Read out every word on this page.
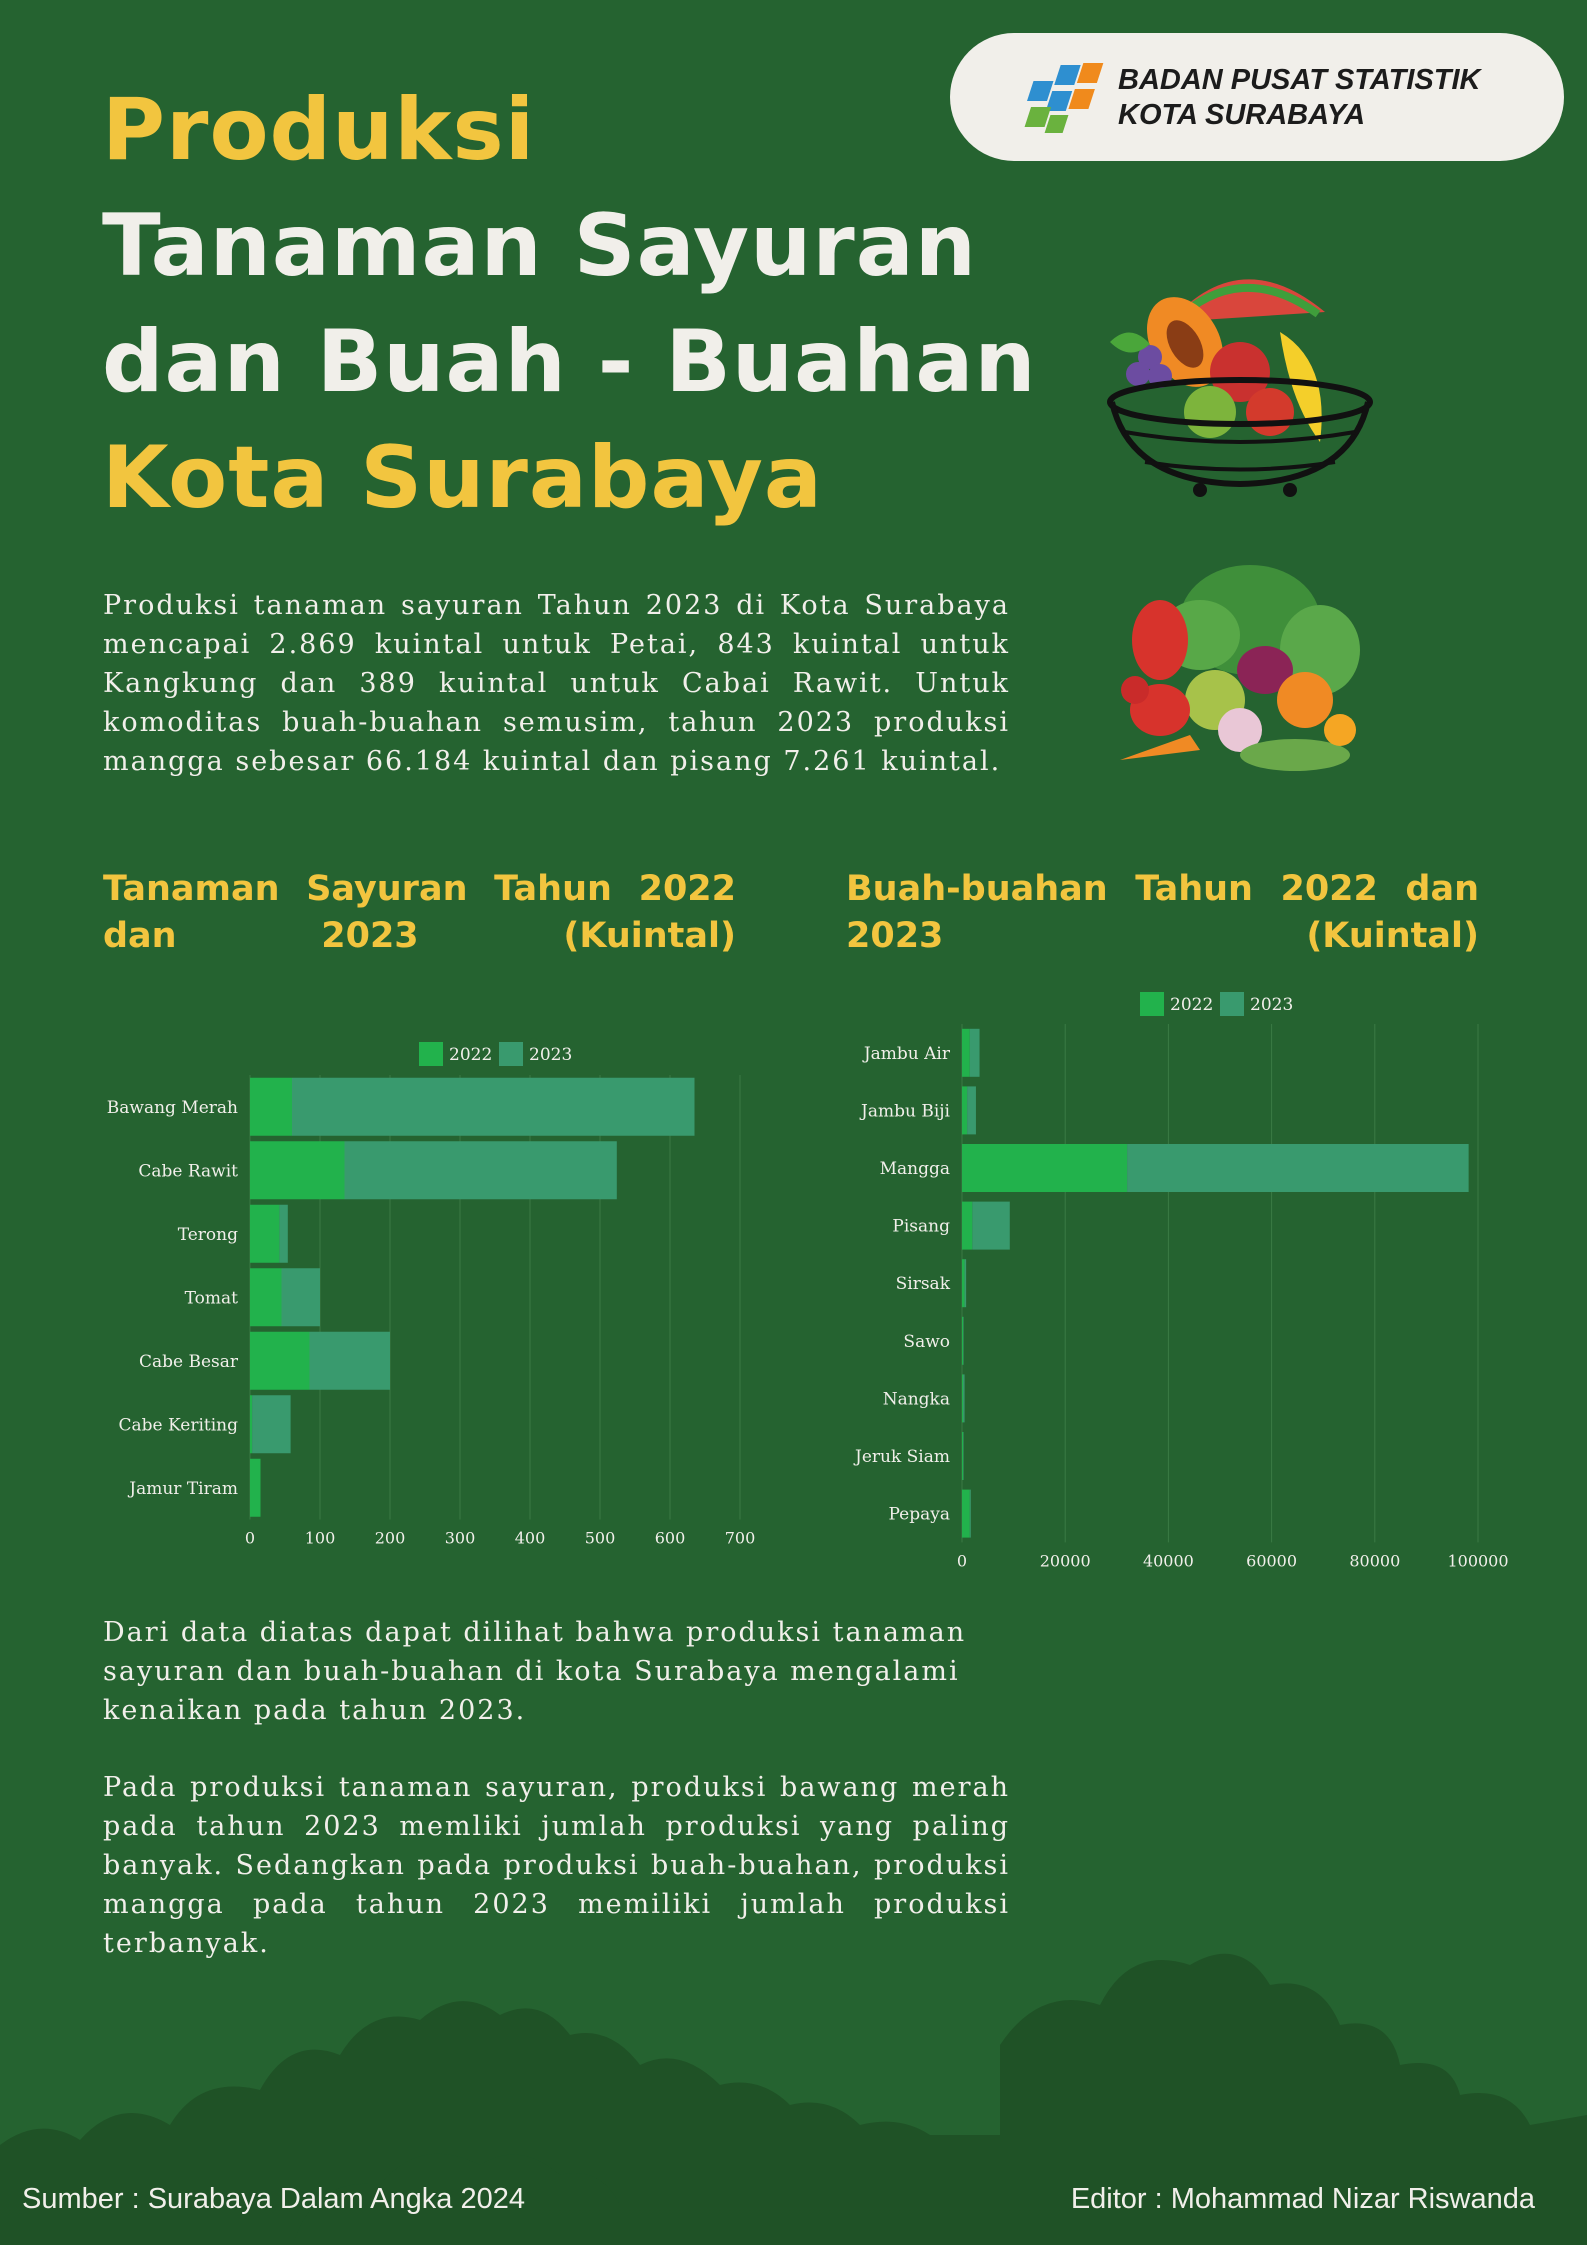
Produksi
Tanaman Sayuran
dan Buah - Buahan
Kota Surabaya
BADAN PUSAT STATISTIK
KOTA SURABAYA

Produksi tanaman sayuran Tahun 2023 di Kota Surabaya mencapai 2.869 kuintal untuk Petai, 843 kuintal untuk Kangkung dan 389 kuintal untuk Cabai Rawit. Untuk komoditas buah-buahan semusim, tahun 2023 produksi mangga sebesar 66.184 kuintal dan pisang 7.261 kuintal.

Tanaman Sayuran Tahun 2022 dan 2023 (Kuintal)
Buah-buahan Tahun 2022 dan 2023 (Kuintal)
0	100 200 300 400 500 600 700
Bawang Merah
Cabe Rawit
Terong
Tomat
Cabe Besar
Cabe Keriting
Jamur Tiram
2022 2023
0	20000	40000	60000	80000	100000
Jambu Air
Jambu Biji
Mangga
Pisang
Sirsak
Sawo
Nangka
Jeruk Siam
Pepaya
2022 2023

Dari data diatas dapat dilihat bahwa produksi tanaman sayuran dan buah-buahan di kota Surabaya mengalami kenaikan pada tahun 2023.

Pada produksi tanaman sayuran, produksi bawang merah pada tahun 2023 memliki jumlah produksi yang paling banyak. Sedangkan pada produksi buah-buahan, produksi mangga pada tahun 2023 memiliki jumlah produksi terbanyak.

Sumber : Surabaya Dalam Angka 2024	Editor : Mohammad Nizar Riswanda
